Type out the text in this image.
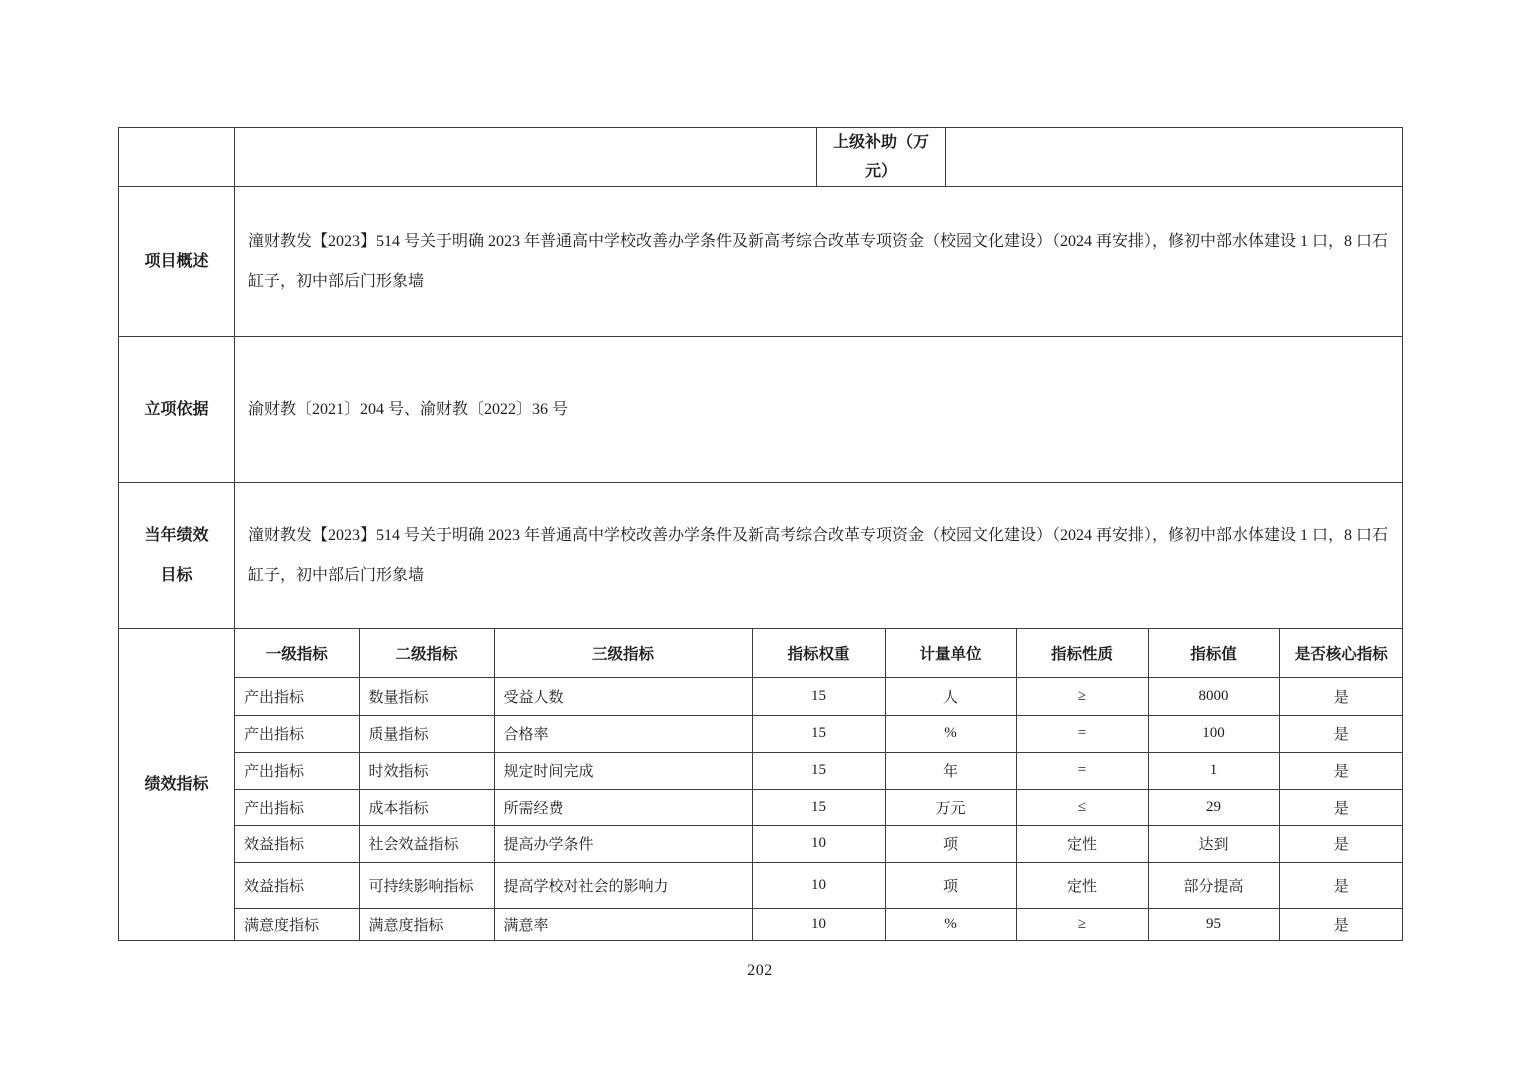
		上级补助（万元）	
项目概述	潼财教发【2023】514 号关于明确 2023 年普通高中学校改善办学条件及新高考综合改革专项资金（校园文化建设）（2024 再安排），修初中部水体建设 1 口，8 口石缸子，初中部后门形象墙
立项依据	渝财教〔2021〕204 号、渝财教〔2022〕36 号
当年绩效目标	潼财教发【2023】514 号关于明确 2023 年普通高中学校改善办学条件及新高考综合改革专项资金（校园文化建设）（2024 再安排），修初中部水体建设 1 口，8 口石缸子，初中部后门形象墙
绩效指标	
一级指标	二级指标	三级指标	指标权重	计量单位	指标性质	指标值	是否核心指标
产出指标	数量指标	受益人数	15	人	≥	8000	是
产出指标	质量指标	合格率	15	%	=	100	是
产出指标	时效指标	规定时间完成	15	年	=	1	是
产出指标	成本指标	所需经费	15	万元	≤	29	是
效益指标	社会效益指标	提高办学条件	10	项	定性	达到	是
效益指标	可持续影响指标	提高学校对社会的影响力	10	项	定性	部分提高	是
满意度指标	满意度指标	满意率	10	%	≥	95	是
202
